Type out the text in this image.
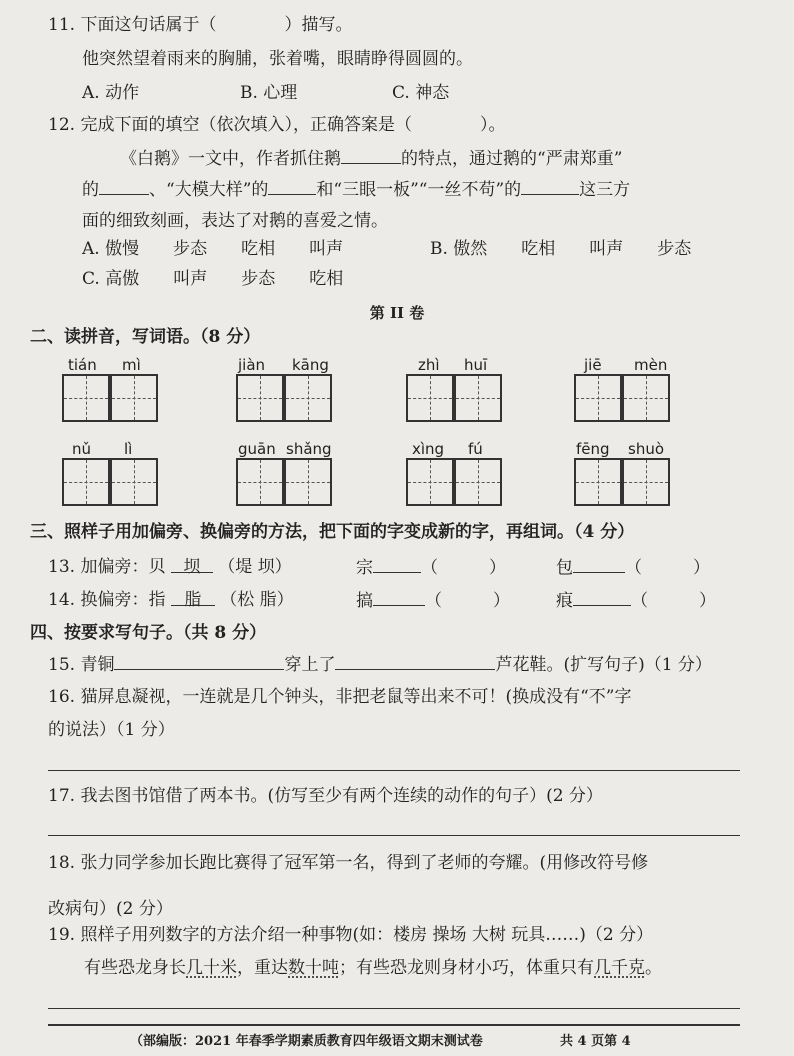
11. 下面这句话属于（　　　　）描写。
他突然望着雨来的胸脯，张着嘴，眼睛睁得圆圆的。
A. 动作	B. 心理	C. 神态
12. 完成下面的填空（依次填入），正确答案是（　　　　）。
《白鹅》一文中，作者抓住鹅	的特点，通过鹅的“严肃郑重”
的	、“大模大样”的	和“三眼一板”“一丝不苟”的	这三方
面的细致刻画，表达了对鹅的喜爱之情。
A. 傲慢　　步态　　吃相　　叫声	B. 傲然　　吃相　　叫声　　步态
C. 高傲　　叫声　　步态　　吃相
第 II 卷
二、读拼音，写词语。（8 分）
tián mì	jiàn kāng	zhì huī	jiē mèn
nǔ lì	guān shǎng	xìng fú	fēng shuò
三、照样子用加偏旁、换偏旁的方法，把下面的字变成新的字，再组词。（4 分）
13. 加偏旁：贝 坝 （堤 坝）	宗	（　　　）	包	（　　　）
14. 换偏旁：指 脂 （松 脂）	搞	（　　　）	痕	（　　　）
四、按要求写句子。（共 8 分）
15. 青铜	穿上了	芦花鞋。(扩写句子)（1 分）
16. 猫屏息凝视，一连就是几个钟头，非把老鼠等出来不可！(换成没有“不”字
的说法）（1 分）
17. 我去图书馆借了两本书。(仿写至少有两个连续的动作的句子）(2 分）
18. 张力同学参加长跑比赛得了冠军第一名，得到了老师的夸耀。(用修改符号修
改病句）(2 分）
19. 照样子用列数字的方法介绍一种事物(如：楼房 操场 大树 玩具……)（2 分）
有些恐龙身长几十米，重达数十吨；有些恐龙则身材小巧，体重只有几千克。
（部编版：2021 年春季学期素质教育四年级语文期末测试卷	共 4 页第 4
